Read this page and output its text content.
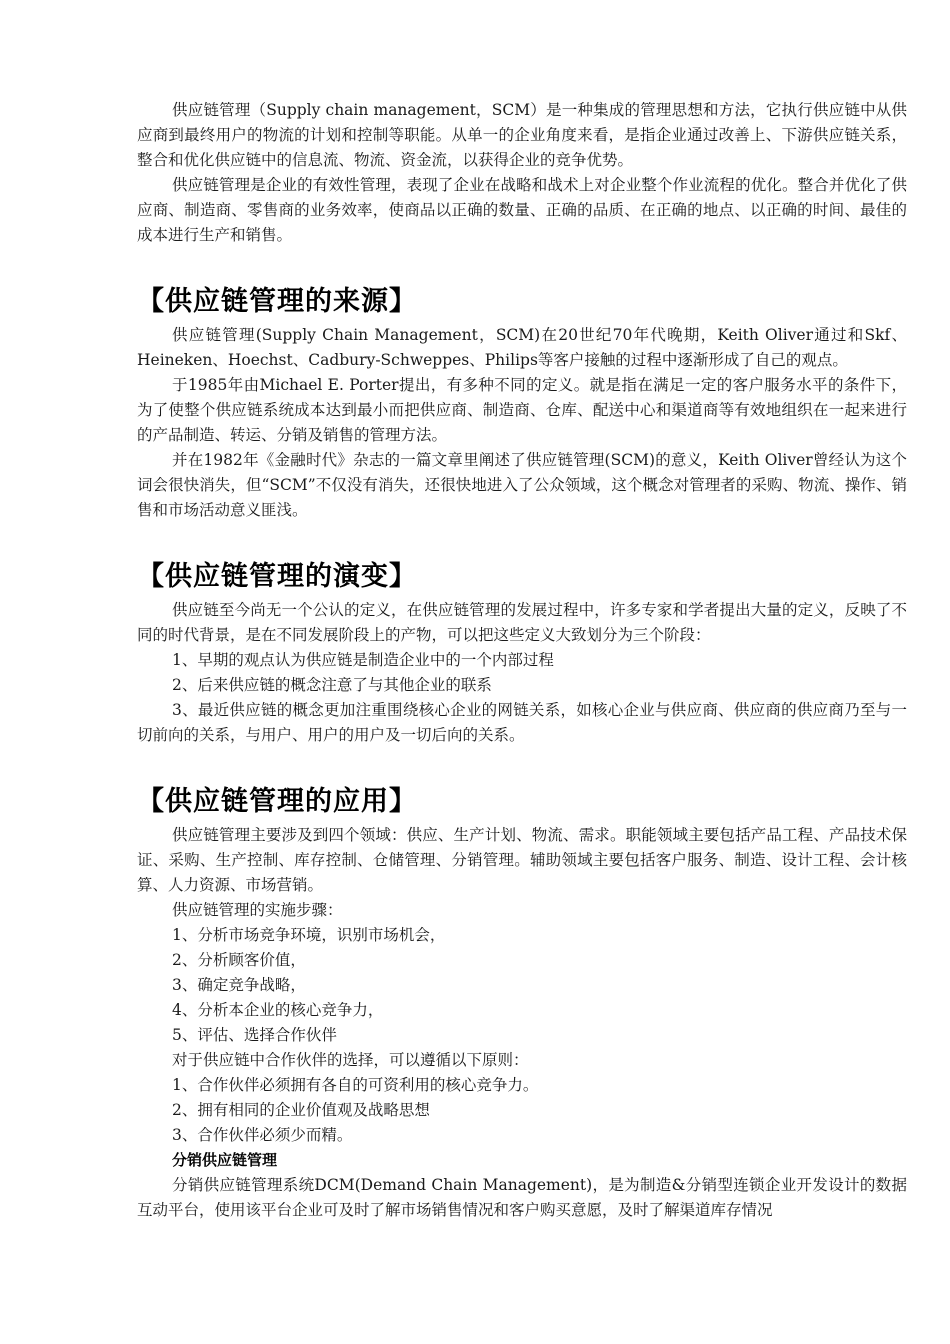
供应链管理（Supply chain management，SCM）是一种集成的管理思想和方法，它执行供应链中从供应商到最终用户的物流的计划和控制等职能。从单一的企业角度来看，是指企业通过改善上、下游供应链关系，整合和优化供应链中的信息流、物流、资金流，以获得企业的竞争优势。

供应链管理是企业的有效性管理，表现了企业在战略和战术上对企业整个作业流程的优化。整合并优化了供应商、制造商、零售商的业务效率，使商品以正确的数量、正确的品质、在正确的地点、以正确的时间、最佳的成本进行生产和销售。

【供应链管理的来源】

供应链管理(Supply Chain Management，SCM)在20世纪70年代晚期，Keith Oliver通过和Skf、Heineken、Hoechst、Cadbury-Schweppes、Philips等客户接触的过程中逐渐形成了自己的观点。

于1985年由Michael E. Porter提出，有多种不同的定义。就是指在满足一定的客户服务水平的条件下，为了使整个供应链系统成本达到最小而把供应商、制造商、仓库、配送中心和渠道商等有效地组织在一起来进行的产品制造、转运、分销及销售的管理方法。

并在1982年《金融时代》杂志的一篇文章里阐述了供应链管理(SCM)的意义，Keith Oliver曾经认为这个词会很快消失，但“SCM”不仅没有消失，还很快地进入了公众领域，这个概念对管理者的采购、物流、操作、销售和市场活动意义匪浅。

【供应链管理的演变】

供应链至今尚无一个公认的定义，在供应链管理的发展过程中，许多专家和学者提出大量的定义，反映了不同的时代背景，是在不同发展阶段上的产物，可以把这些定义大致划分为三个阶段：

1、早期的观点认为供应链是制造企业中的一个内部过程

2、后来供应链的概念注意了与其他企业的联系

3、最近供应链的概念更加注重围绕核心企业的网链关系，如核心企业与供应商、供应商的供应商乃至与一切前向的关系，与用户、用户的用户及一切后向的关系。

【供应链管理的应用】

供应链管理主要涉及到四个领域：供应、生产计划、物流、需求。职能领域主要包括产品工程、产品技术保证、采购、生产控制、库存控制、仓储管理、分销管理。辅助领域主要包括客户服务、制造、设计工程、会计核算、人力资源、市场营销。

供应链管理的实施步骤：

1、分析市场竞争环境，识别市场机会，

2、分析顾客价值，

3、确定竞争战略，

4、分析本企业的核心竞争力，

5、评估、选择合作伙伴

对于供应链中合作伙伴的选择，可以遵循以下原则：

1、合作伙伴必须拥有各自的可资利用的核心竞争力。

2、拥有相同的企业价值观及战略思想

3、合作伙伴必须少而精。

分销供应链管理

分销供应链管理系统DCM(Demand Chain Management)，是为制造&分销型连锁企业开发设计的数据互动平台，使用该平台企业可及时了解市场销售情况和客户购买意愿，及时了解渠道库存情况
